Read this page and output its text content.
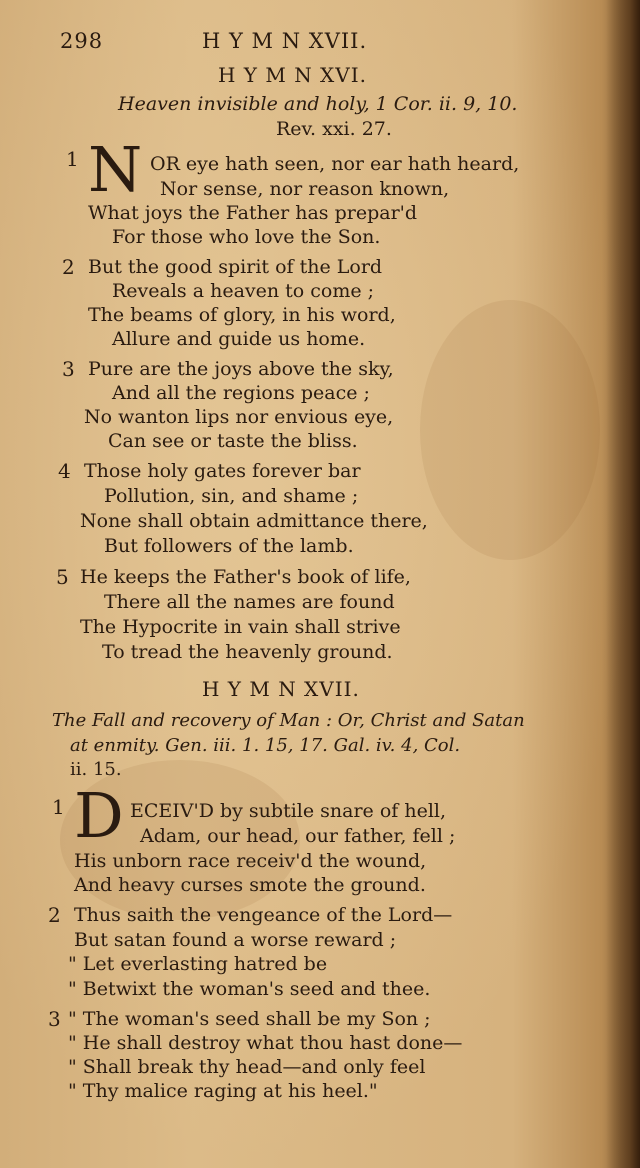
298	H Y M N XVII.
H Y M N XVI.
Heaven invisible and holy, 1 Cor. ii. 9, 10.
Rev. xxi. 27.
1 N OR eye hath seen, nor ear hath heard,
Nor sense, nor reason known,
What joys the Father has prepar'd
For those who love the Son.
2 But the good spirit of the Lord
Reveals a heaven to come ;
The beams of glory, in his word,
Allure and guide us home.
3 Pure are the joys above the sky,
And all the regions peace ;
No wanton lips nor envious eye,
Can see or taste the bliss.
4 Those holy gates forever bar
Pollution, sin, and shame ;
None shall obtain admittance there,
But followers of the lamb.
5 He keeps the Father's book of life,
There all the names are found
The Hypocrite in vain shall strive
To tread the heavenly ground.
H Y M N XVII.
The Fall and recovery of Man : Or, Christ and Satan
at enmity. Gen. iii. 1. 15, 17. Gal. iv. 4, Col.
ii. 15.
1 D ECEIV'D by subtile snare of hell,
Adam, our head, our father, fell ;
His unborn race receiv'd the wound,
And heavy curses smote the ground.
2 Thus saith the vengeance of the Lord—
But satan found a worse reward ;
" Let everlasting hatred be
" Betwixt the woman's seed and thee.
3 " The woman's seed shall be my Son ;
" He shall destroy what thou hast done—
" Shall break thy head—and only feel
" Thy malice raging at his heel."
